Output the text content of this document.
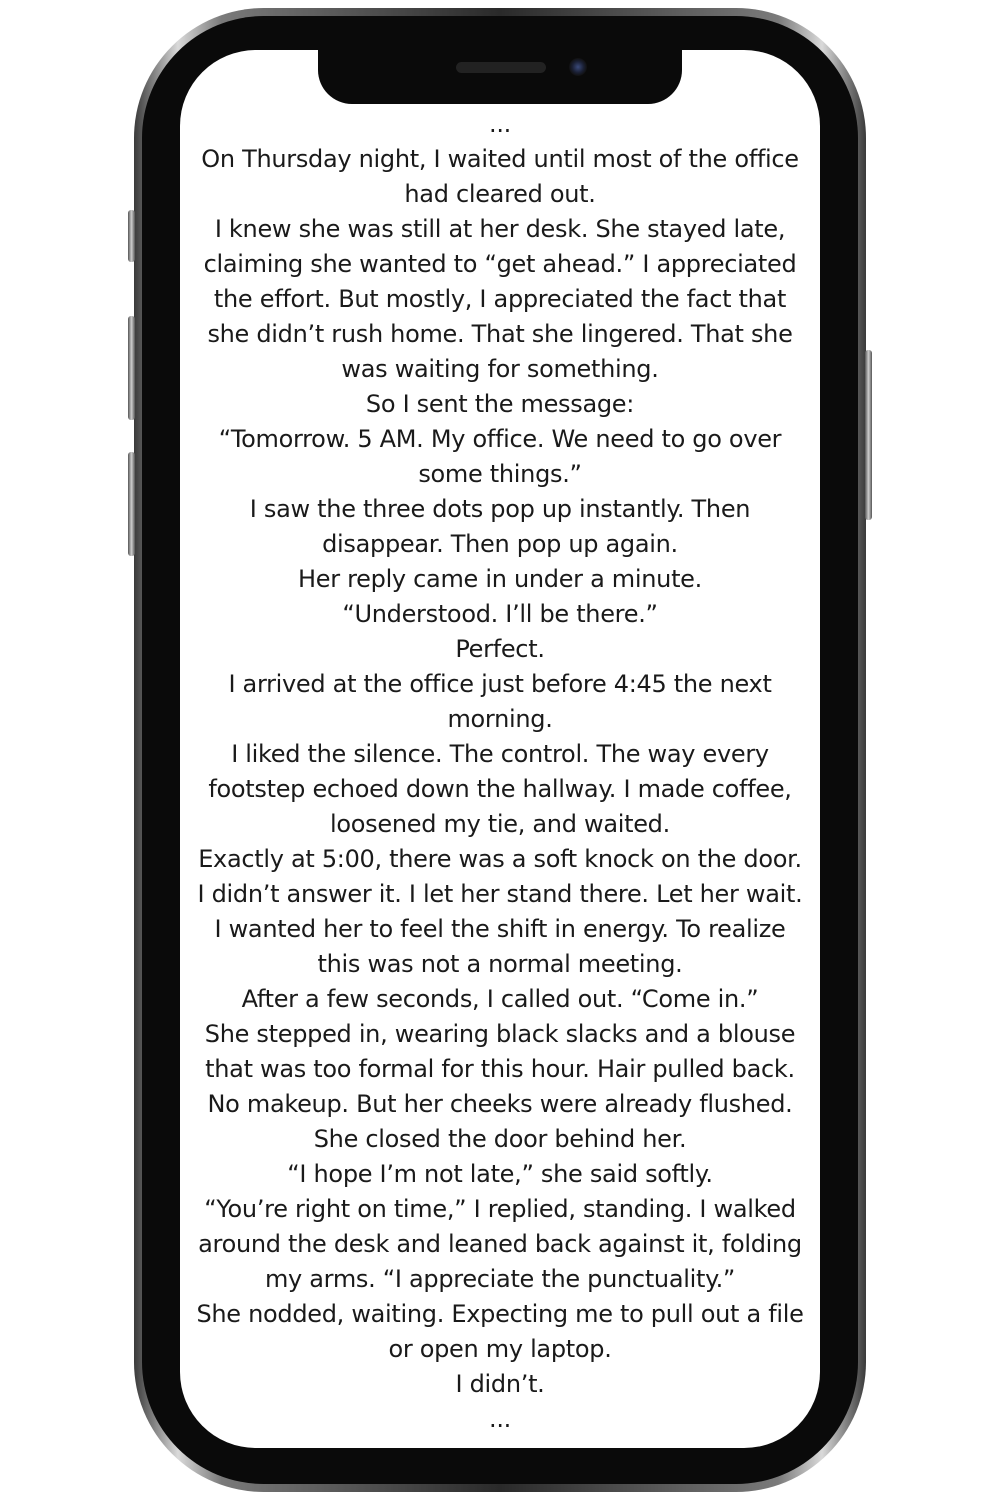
...

On Thursday night, I waited until most of the office had cleared out.

I knew she was still at her desk. She stayed late, claiming she wanted to “get ahead.” I appreciated the effort. But mostly, I appreciated the fact that she didn’t rush home. That she lingered. That she was waiting for something.

So I sent the message:

“Tomorrow. 5 AM. My office. We need to go over some things.”

I saw the three dots pop up instantly. Then disappear. Then pop up again.

Her reply came in under a minute.

“Understood. I’ll be there.”

Perfect.

I arrived at the office just before 4:45 the next morning.

I liked the silence. The control. The way every footstep echoed down the hallway. I made coffee, loosened my tie, and waited.

Exactly at 5:00, there was a soft knock on the door.

I didn’t answer it. I let her stand there. Let her wait.

I wanted her to feel the shift in energy. To realize this was not a normal meeting.

After a few seconds, I called out. “Come in.”

She stepped in, wearing black slacks and a blouse that was too formal for this hour. Hair pulled back. No makeup. But her cheeks were already flushed.

She closed the door behind her.

“I hope I’m not late,” she said softly.

“You’re right on time,” I replied, standing. I walked around the desk and leaned back against it, folding my arms. “I appreciate the punctuality.”

She nodded, waiting. Expecting me to pull out a file or open my laptop.

I didn’t.

...
